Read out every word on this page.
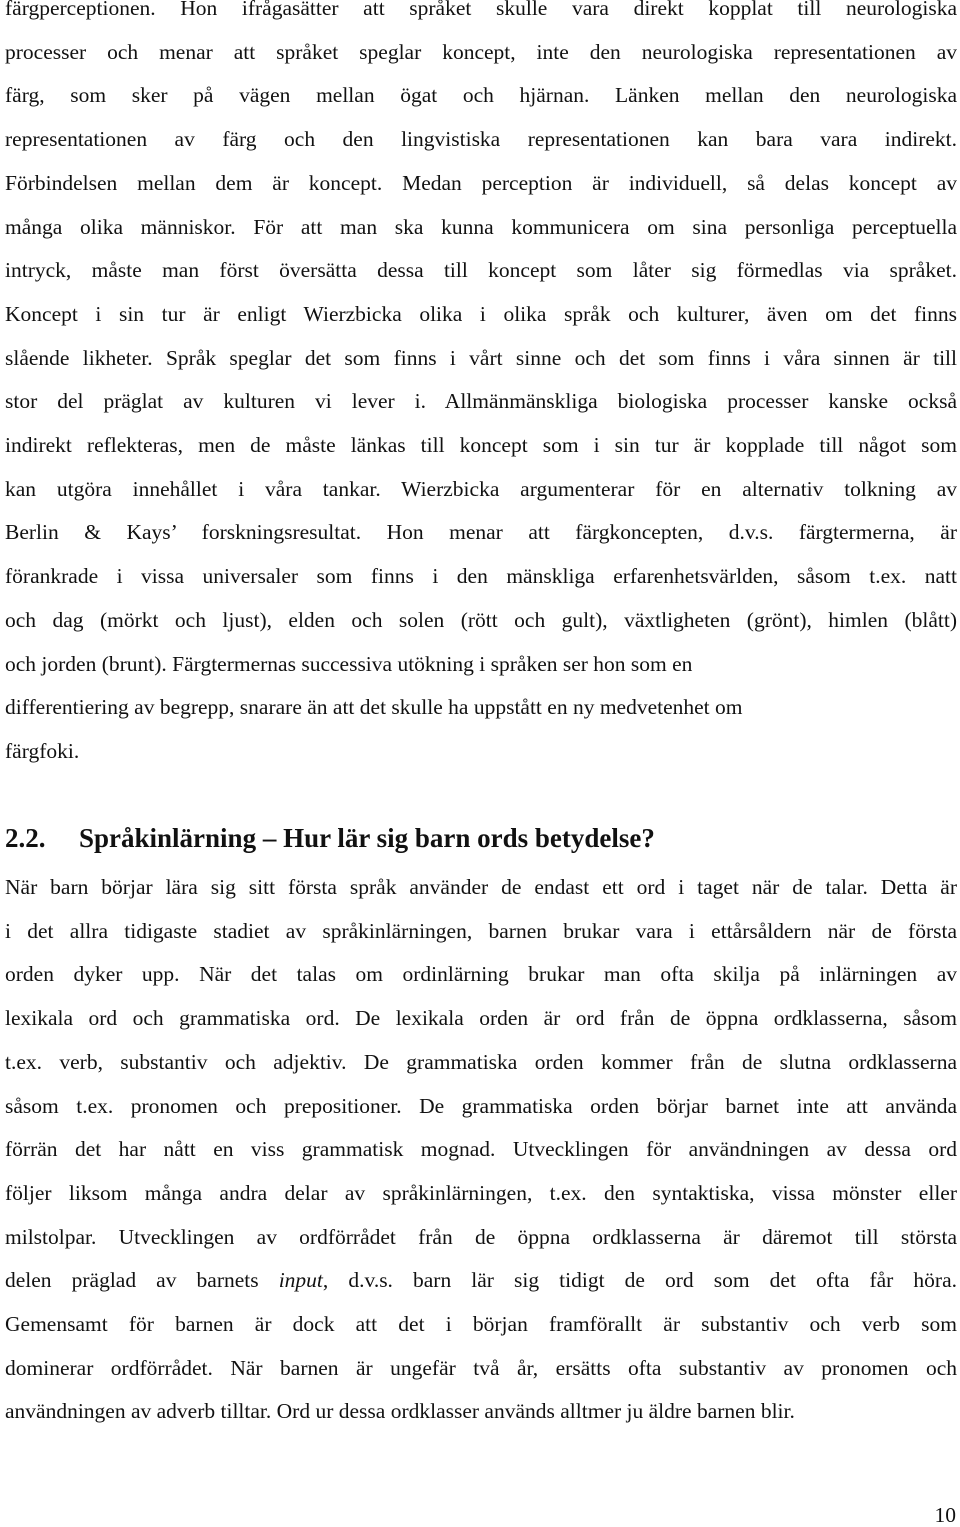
färgperceptionen. Hon ifrågasätter att språket skulle vara direkt kopplat till neurologiska
processer och menar att språket speglar koncept, inte den neurologiska representationen av
färg, som sker på vägen mellan ögat och hjärnan. Länken mellan den neurologiska
representationen av färg och den lingvistiska representationen kan bara vara indirekt.
Förbindelsen mellan dem är koncept. Medan perception är individuell, så delas koncept av
många olika människor. För att man ska kunna kommunicera om sina personliga perceptuella
intryck, måste man först översätta dessa till koncept som låter sig förmedlas via språket.
Koncept i sin tur är enligt Wierzbicka olika i olika språk och kulturer, även om det finns
slående likheter. Språk speglar det som finns i vårt sinne och det som finns i våra sinnen är till
stor del präglat av kulturen vi lever i. Allmänmänskliga biologiska processer kanske också
indirekt reflekteras, men de måste länkas till koncept som i sin tur är kopplade till något som
kan utgöra innehållet i våra tankar. Wierzbicka argumenterar för en alternativ tolkning av
Berlin & Kays’ forskningsresultat. Hon menar att färgkoncepten, d.v.s. färgtermerna, är
förankrade i vissa universaler som finns i den mänskliga erfarenhetsvärlden, såsom t.ex. natt
och dag (mörkt och ljust), elden och solen (rött och gult), växtligheten (grönt), himlen (blått)
och jorden (brunt). Färgtermernas successiva utökning i språken ser hon som en
differentiering av begrepp, snarare än att det skulle ha uppstått en ny medvetenhet om
färgfoki.

2.2. Språkinlärning – Hur lär sig barn ords betydelse?

När barn börjar lära sig sitt första språk använder de endast ett ord i taget när de talar. Detta är
i det allra tidigaste stadiet av språkinlärningen, barnen brukar vara i ettårsåldern när de första
orden dyker upp. När det talas om ordinlärning brukar man ofta skilja på inlärningen av
lexikala ord och grammatiska ord. De lexikala orden är ord från de öppna ordklasserna, såsom
t.ex. verb, substantiv och adjektiv. De grammatiska orden kommer från de slutna ordklasserna
såsom t.ex. pronomen och prepositioner. De grammatiska orden börjar barnet inte att använda
förrän det har nått en viss grammatisk mognad. Utvecklingen för användningen av dessa ord
följer liksom många andra delar av språkinlärningen, t.ex. den syntaktiska, vissa mönster eller
milstolpar. Utvecklingen av ordförrådet från de öppna ordklasserna är däremot till största
delen präglad av barnets input, d.v.s. barn lär sig tidigt de ord som det ofta får höra.
Gemensamt för barnen är dock att det i början framförallt är substantiv och verb som
dominerar ordförrådet. När barnen är ungefär två år, ersätts ofta substantiv av pronomen och
användningen av adverb tilltar. Ord ur dessa ordklasser används alltmer ju äldre barnen blir.

10
